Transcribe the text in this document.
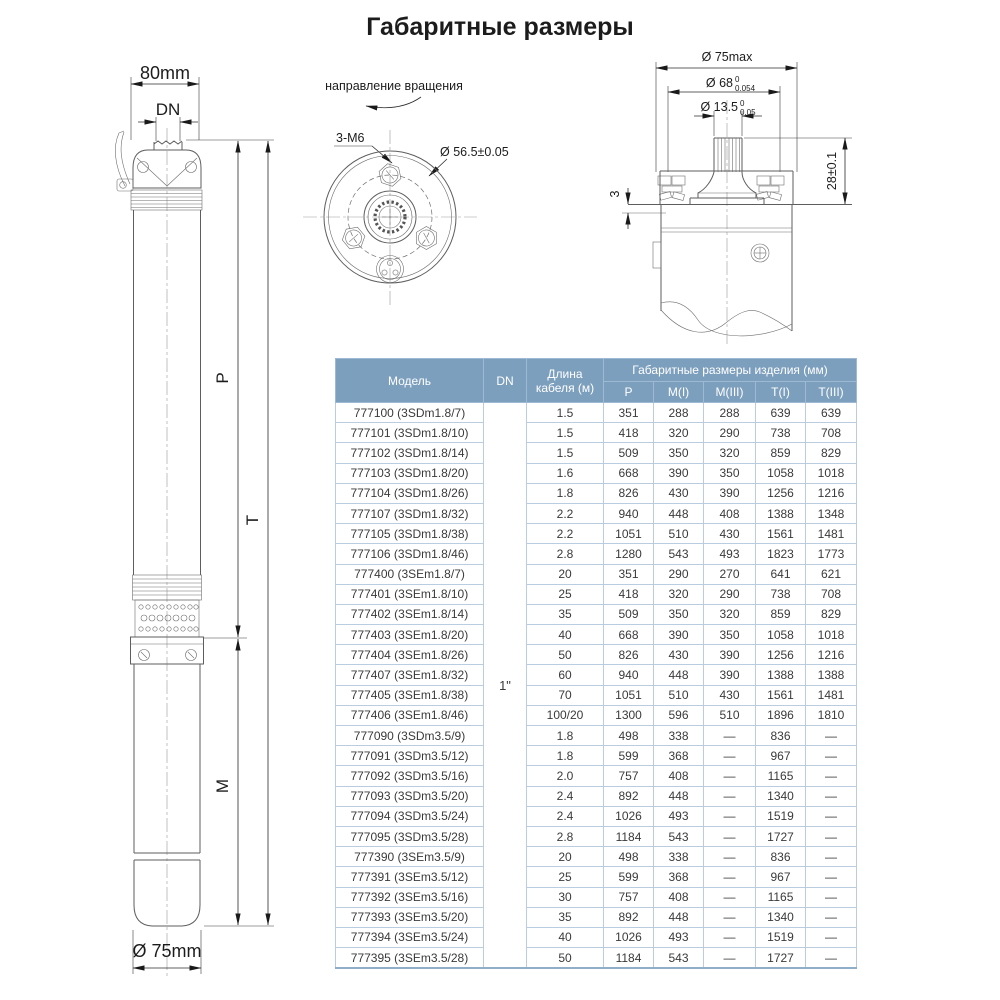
Габаритные размеры
80mm
DN
Ø 75mm
P
T
M
направление вращения
3-M6
Ø 56.5±0.05
Ø 75max
Ø 68 0
0.054
Ø 13.5 0
0.05
28±0.1
3
Модель	DN	Длина кабеля (м)	Габаритные размеры изделия (мм)				
			P	M(I)	M(III)	T(I)	T(III)
777100 (3SDm1.8/7)	1"	1.5	351	288	288	639	639
777101 (3SDm1.8/10)		1.5	418	320	290	738	708
777102 (3SDm1.8/14)		1.5	509	350	320	859	829
777103 (3SDm1.8/20)		1.6	668	390	350	1058	1018
777104 (3SDm1.8/26)		1.8	826	430	390	1256	1216
777107 (3SDm1.8/32)		2.2	940	448	408	1388	1348
777105 (3SDm1.8/38)		2.2	1051	510	430	1561	1481
777106 (3SDm1.8/46)		2.8	1280	543	493	1823	1773
777400 (3SEm1.8/7)		20	351	290	270	641	621
777401 (3SEm1.8/10)		25	418	320	290	738	708
777402 (3SEm1.8/14)		35	509	350	320	859	829
777403 (3SEm1.8/20)		40	668	390	350	1058	1018
777404 (3SEm1.8/26)		50	826	430	390	1256	1216
777407 (3SEm1.8/32)		60	940	448	390	1388	1388
777405 (3SEm1.8/38)		70	1051	510	430	1561	1481
777406 (3SEm1.8/46)		100/20	1300	596	510	1896	1810
777090 (3SDm3.5/9)		1.8	498	338	—	836	—
777091 (3SDm3.5/12)		1.8	599	368	—	967	—
777092 (3SDm3.5/16)		2.0	757	408	—	1165	—
777093 (3SDm3.5/20)		2.4	892	448	—	1340	—
777094 (3SDm3.5/24)		2.4	1026	493	—	1519	—
777095 (3SDm3.5/28)		2.8	1184	543	—	1727	—
777390 (3SEm3.5/9)		20	498	338	—	836	—
777391 (3SEm3.5/12)		25	599	368	—	967	—
777392 (3SEm3.5/16)		30	757	408	—	1165	—
777393 (3SEm3.5/20)		35	892	448	—	1340	—
777394 (3SEm3.5/24)		40	1026	493	—	1519	—
777395 (3SEm3.5/28)		50	1184	543	—	1727	—
